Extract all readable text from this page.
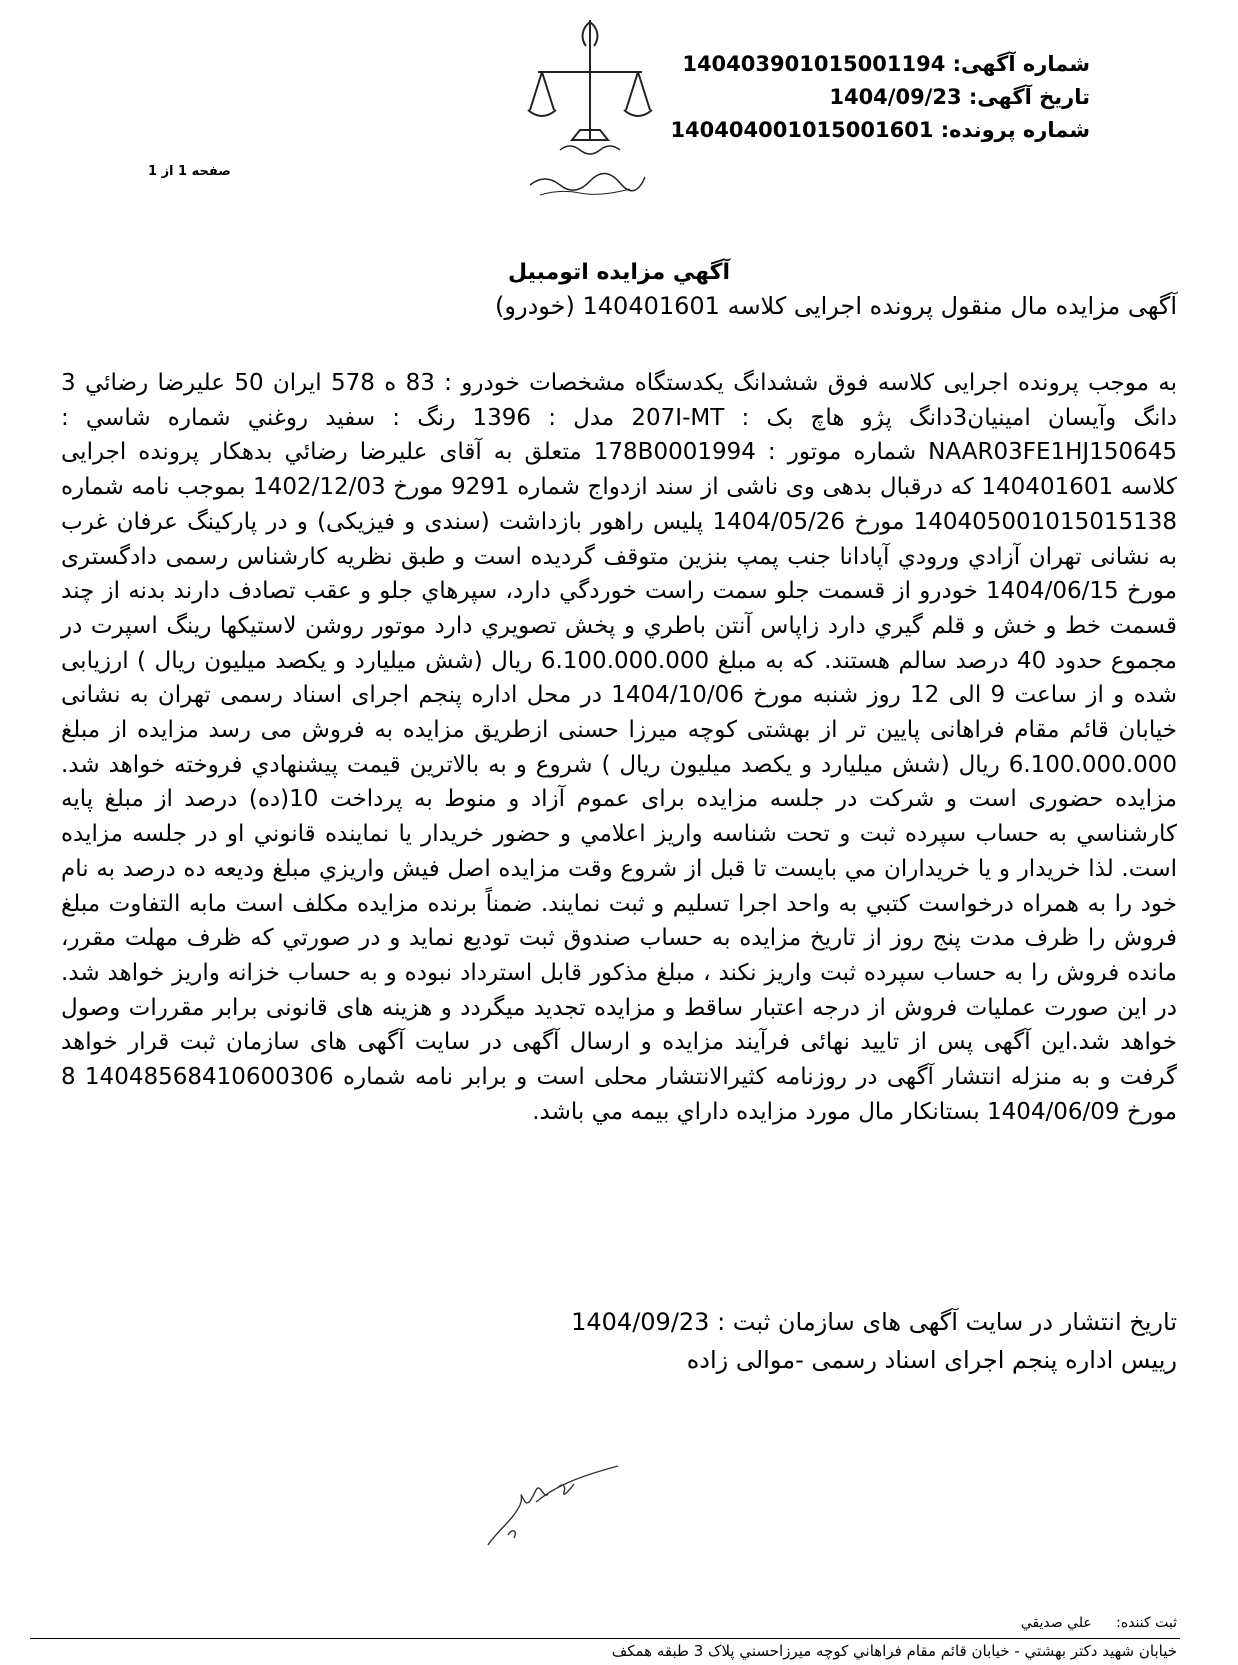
شماره آگهی: 140403901015001194
تاریخ آگهی: 1404/09/23
شماره پرونده: 140404001015001601
صفحه 1 از 1
آگهي مزايده اتومبيل
آگهی مزایده مال منقول پرونده اجرایی کلاسه 140401601 (خودرو)
به موجب پرونده اجرایی کلاسه فوق ششدانگ یکدستگاه مشخصات خودرو : 83 ه 578 ایران 50 علیرضا رضائي 3 دانگ وآیسان امینیان3دانگ پژو هاچ بک : 207I-MT مدل : 1396 رنگ : سفيد روغني شماره شاسي : NAAR03FE1HJ150645 شماره موتور : 178B0001994 متعلق به آقای علیرضا رضائي بدهکار پرونده اجرایی کلاسه 140401601 که درقبال بدهی وی ناشی از سند ازدواج شماره 9291 مورخ 1402/12/03 بموجب نامه شماره 140405001015015138 مورخ 1404/05/26 پلیس راهور بازداشت (سندی و فیزیکی) و در پارکینگ عرفان غرب به نشانی تهران آزادي ورودي آپادانا جنب پمپ بنزین متوقف گردیده است و طبق نظریه کارشناس رسمی دادگستری مورخ 1404/06/15 خودرو از قسمت جلو سمت راست خوردگي دارد، سپرهاي جلو و عقب تصادف دارند بدنه از چند قسمت خط و خش و قلم گيري دارد زاپاس آنتن باطري و پخش تصويري دارد موتور روشن لاستيکها رينگ اسپرت در مجموع حدود 40 درصد سالم هستند. که به مبلغ 6.100.000.000 ریال (شش میلیارد و یکصد میلیون ریال ) ارزیابی شده و از ساعت 9 الی 12 روز شنبه مورخ 1404/10/06 در محل اداره پنجم اجرای اسناد رسمی تهران به نشانی خیابان قائم مقام فراهانی پایین تر از بهشتی کوچه میرزا حسنی ازطریق مزایده به فروش می رسد مزایده از مبلغ 6.100.000.000 ریال (شش میلیارد و یکصد میلیون ریال ) شروع و به بالاترين قيمت پيشنهادي فروخته خواهد شد. مزایده حضوری است و شرکت در جلسه مزایده برای عموم آزاد و منوط به پرداخت 10(ده) درصد از مبلغ پايه کارشناسي به حساب سپرده ثبت و تحت شناسه واريز اعلامي و حضور خريدار يا نماينده قانوني او در جلسه مزايده است. لذا خريدار و يا خريداران مي بايست تا قبل از شروع وقت مزايده اصل فيش واريزي مبلغ وديعه ده درصد به نام خود را به همراه درخواست کتبي به واحد اجرا تسليم و ثبت نمايند. ضمناً برنده مزايده مکلف است مابه التفاوت مبلغ فروش را ظرف مدت پنج روز از تاريخ مزايده به حساب صندوق ثبت توديع نمايد و در صورتي که ظرف مهلت مقرر، مانده فروش را به حساب سپرده ثبت واريز نکند ، مبلغ مذکور قابل استرداد نبوده و به حساب خزانه واريز خواهد شد. در اين صورت عمليات فروش از درجه اعتبار ساقط و مزايده تجديد ميگردد و هزینه های قانونی برابر مقررات وصول خواهد شد.این آگهی پس از تایید نهائی فرآیند مزایده و ارسال آگهی در سایت آگهی های سازمان ثبت قرار خواهد گرفت و به منزله انتشار آگهی در روزنامه کثیرالانتشار محلی است و برابر نامه شماره 14048568410600306 8 مورخ 1404/06/09 بستانکار مال مورد مزايده داراي بيمه مي باشد.
تاریخ انتشار در سایت آگهی های سازمان ثبت : 1404/09/23
رییس اداره پنجم اجرای اسناد رسمی -موالی زاده
ثبت کننده: علي صديقي
خيابان شهيد دکتر بهشتي - خيابان قائم مقام فراهاني کوچه ميرزاحسني پلاک 3 طبقه همکف
